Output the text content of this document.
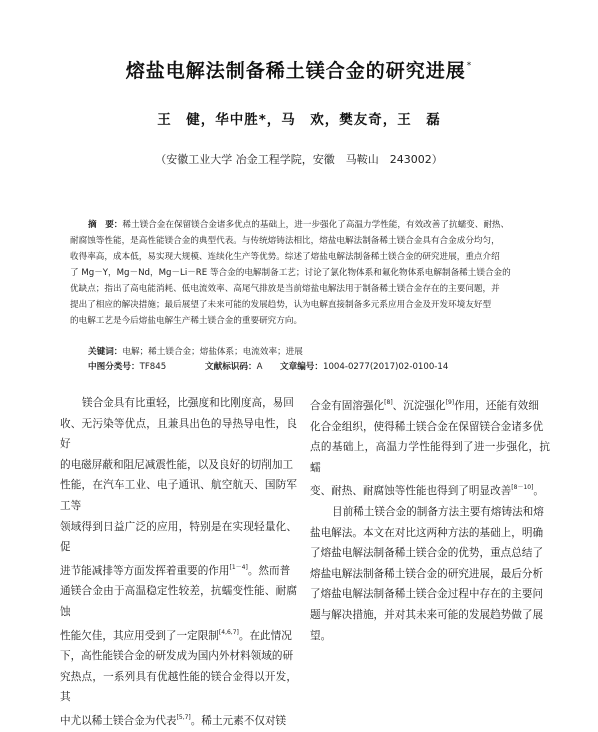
熔盐电解法制备稀土镁合金的研究进展*
王　健，华中胜*，马　欢，樊友奇，王　磊
（安徽工业大学 冶金工程学院，安徽　马鞍山　243002）

摘　要：稀土镁合金在保留镁合金诸多优点的基础上，进一步强化了高温力学性能，有效改善了抗蠕变、耐热、

耐腐蚀等性能，是高性能镁合金的典型代表。与传统熔铸法相比，熔盐电解法制备稀土镁合金具有合金成分均匀，

收得率高，成本低，易实现大规模、连续化生产等优势。综述了熔盐电解法制备稀土镁合金的研究进展，重点介绍

了 Mg－Y，Mg－Nd，Mg－Li－RE 等合金的电解制备工艺；讨论了氯化物体系和氟化物体系电解制备稀土镁合金的

优缺点；指出了高电能消耗、低电流效率、高尾气排放是当前熔盐电解法用于制备稀土镁合金存在的主要问题，并

提出了相应的解决措施；最后展望了未来可能的发展趋势，认为电解直接制备多元系应用合金及开发环境友好型

的电解工艺是今后熔盐电解生产稀土镁合金的重要研究方向。

关键词：电解；稀土镁合金；熔盐体系；电流效率；进展
中图分类号：TF845	文献标识码：A 文章编号：1004-0277(2017)02-0100-14

镁合金具有比重轻，比强度和比刚度高，易回

收、无污染等优点，且兼具出色的导热导电性，良好

的电磁屏蔽和阻尼减震性能，以及良好的切削加工

性能，在汽车工业、电子通讯、航空航天、国防军工等

领域得到日益广泛的应用，特别是在实现轻量化、促

进节能减排等方面发挥着重要的作用[1－4]。然而普

通镁合金由于高温稳定性较差，抗蠕变性能、耐腐蚀

性能欠佳，其应用受到了一定限制[4,6,7]。在此情况

下，高性能镁合金的研发成为国内外材料领域的研

究热点，一系列具有优越性能的镁合金得以开发，其

中尤以稀土镁合金为代表[5,7]。稀土元素不仅对镁

合金有固溶强化[8]、沉淀强化[9]作用，还能有效细

化合金组织，使得稀土镁合金在保留镁合金诸多优

点的基础上，高温力学性能得到了进一步强化，抗蠕

变、耐热、耐腐蚀等性能也得到了明显改善[8－10]。

目前稀土镁合金的制备方法主要有熔铸法和熔

盐电解法。本文在对比这两种方法的基础上，明确

了熔盐电解法制备稀土镁合金的优势，重点总结了

熔盐电解法制备稀土镁合金的研究进展，最后分析

了熔盐电解法制备稀土镁合金过程中存在的主要问

题与解决措施，并对其未来可能的发展趋势做了展

望。
